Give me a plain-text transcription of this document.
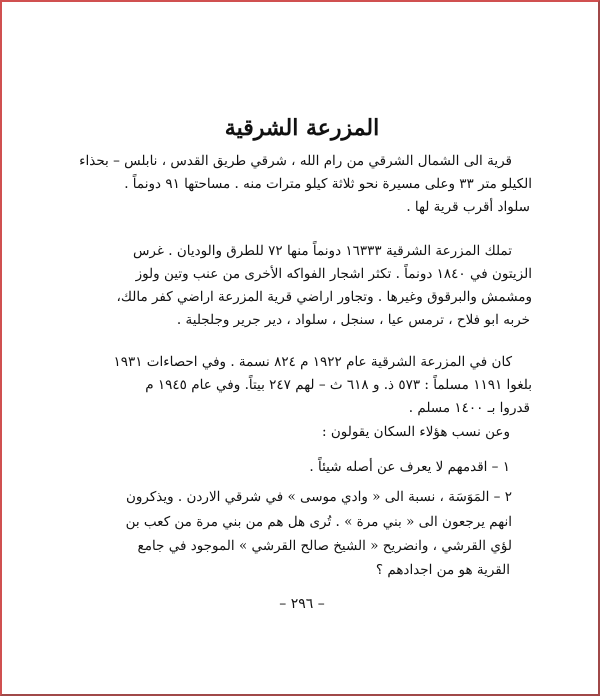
المزرعة الشرقية
قرية الى الشمال الشرقي من رام الله ، شرقي طريق القدس ، نابلس – بحذاء
الكيلو متر ٣٣ وعلى مسيرة نحو ثلاثة كيلو مترات منه . مساحتها ٩١ دونماً .
سلواد أقرب قرية لها .
تملك المزرعة الشرقية ١٦٣٣٣ دونماً منها ٧٢ للطرق والوديان . غرس
الزيتون في ١٨٤٠ دونماً . تكثر اشجار الفواكه الأخرى من عنب وتين ولوز
ومشمش والبرقوق وغيرها . وتجاور اراضي قرية المزرعة اراضي كفر مالك،
خربه ابو فلاح ، ترمس عيا ، سنجل ، سلواد ، دير جرير وجلجلية .
كان في المزرعة الشرقية عام ١٩٢٢ م ٨٢٤ نسمة . وفي احصاءات ١٩٣١
بلغوا ١١٩١ مسلماً : ٥٧٣ ذ. و ٦١٨ ث – لهم ٢٤٧ بيتاً. وفي عام ١٩٤٥ م
قدروا بـ ١٤٠٠ مسلم .
وعن نسب هؤلاء السكان يقولون :
١ – اقدمهم لا يعرف عن أصله شيئاً .
٢ – المَوَسَة ، نسبة الى « وادي موسى » في شرقي الاردن . ويذكرون
انهم يرجعون الى « بني مرة » . تُرى هل هم من بني مرة من كعب بن
لؤي القرشي ، وانضريح « الشيخ صالح القرشي » الموجود في جامع
القرية هو من اجدادهم ؟
– ٢٩٦ –
